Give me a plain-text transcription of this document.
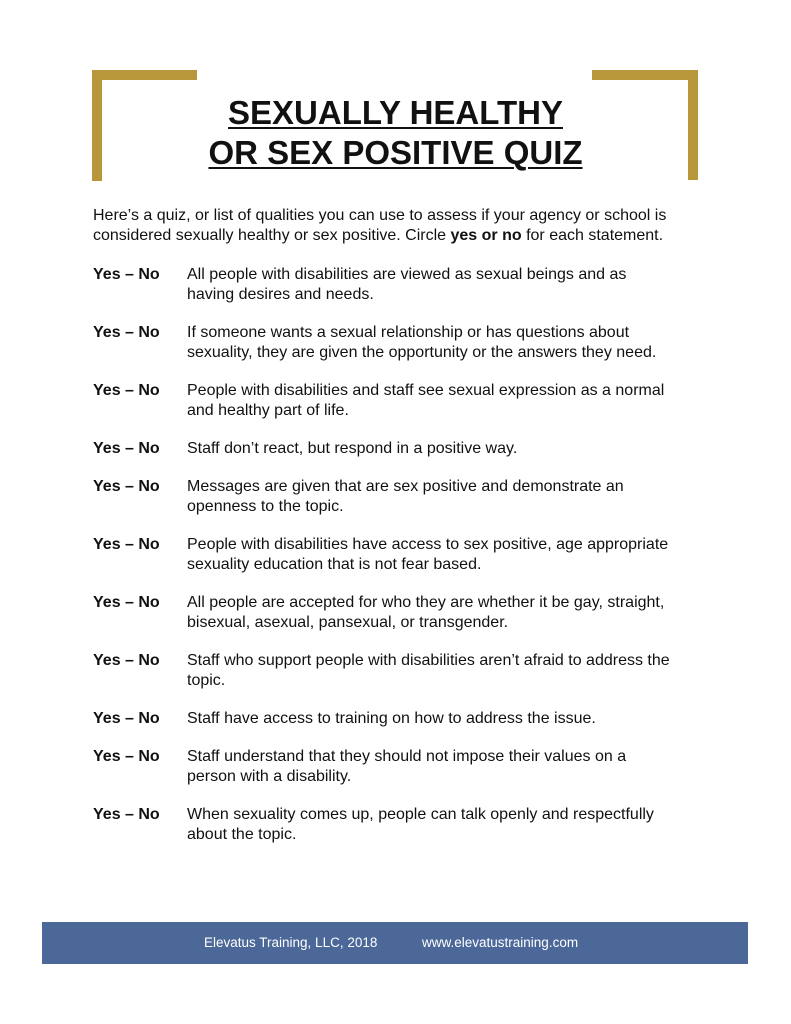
SEXUALLY HEALTHY
OR SEX POSITIVE QUIZ
Here’s a quiz, or list of qualities you can use to assess if your agency or school is
considered sexually healthy or sex positive. Circle yes or no for each statement.
Yes – No	All people with disabilities are viewed as sexual beings and as
having desires and needs.
Yes – No	If someone wants a sexual relationship or has questions about
sexuality, they are given the opportunity or the answers they need.
Yes – No	People with disabilities and staff see sexual expression as a normal
and healthy part of life.
Yes – No	Staff don’t react, but respond in a positive way.
Yes – No	Messages are given that are sex positive and demonstrate an
openness to the topic.
Yes – No	People with disabilities have access to sex positive, age appropriate
sexuality education that is not fear based.
Yes – No	All people are accepted for who they are whether it be gay, straight,
bisexual, asexual, pansexual, or transgender.
Yes – No	Staff who support people with disabilities aren’t afraid to address the
topic.
Yes – No	Staff have access to training on how to address the issue.
Yes – No	Staff understand that they should not impose their values on a
person with a disability.
Yes – No	When sexuality comes up, people can talk openly and respectfully
about the topic.
Elevatus Training, LLC, 2018	www.elevatustraining.com
